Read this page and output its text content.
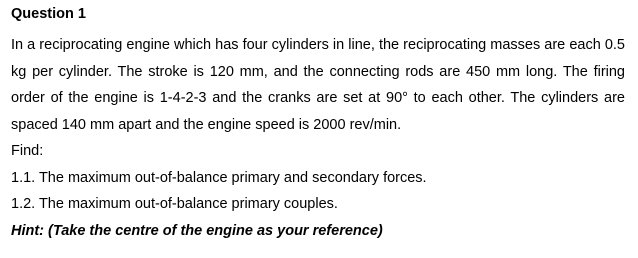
Question 1

In a reciprocating engine which has four cylinders in line, the reciprocating masses are each 0.5 kg per cylinder. The stroke is 120 mm, and the connecting rods are 450 mm long. The firing order of the engine is 1-4-2-3 and the cranks are set at 90° to each other. The cylinders are spaced 140 mm apart and the engine speed is 2000 rev/min.

Find:
1.1. The maximum out-of-balance primary and secondary forces.
1.2. The maximum out-of-balance primary couples.
Hint: (Take the centre of the engine as your reference)
